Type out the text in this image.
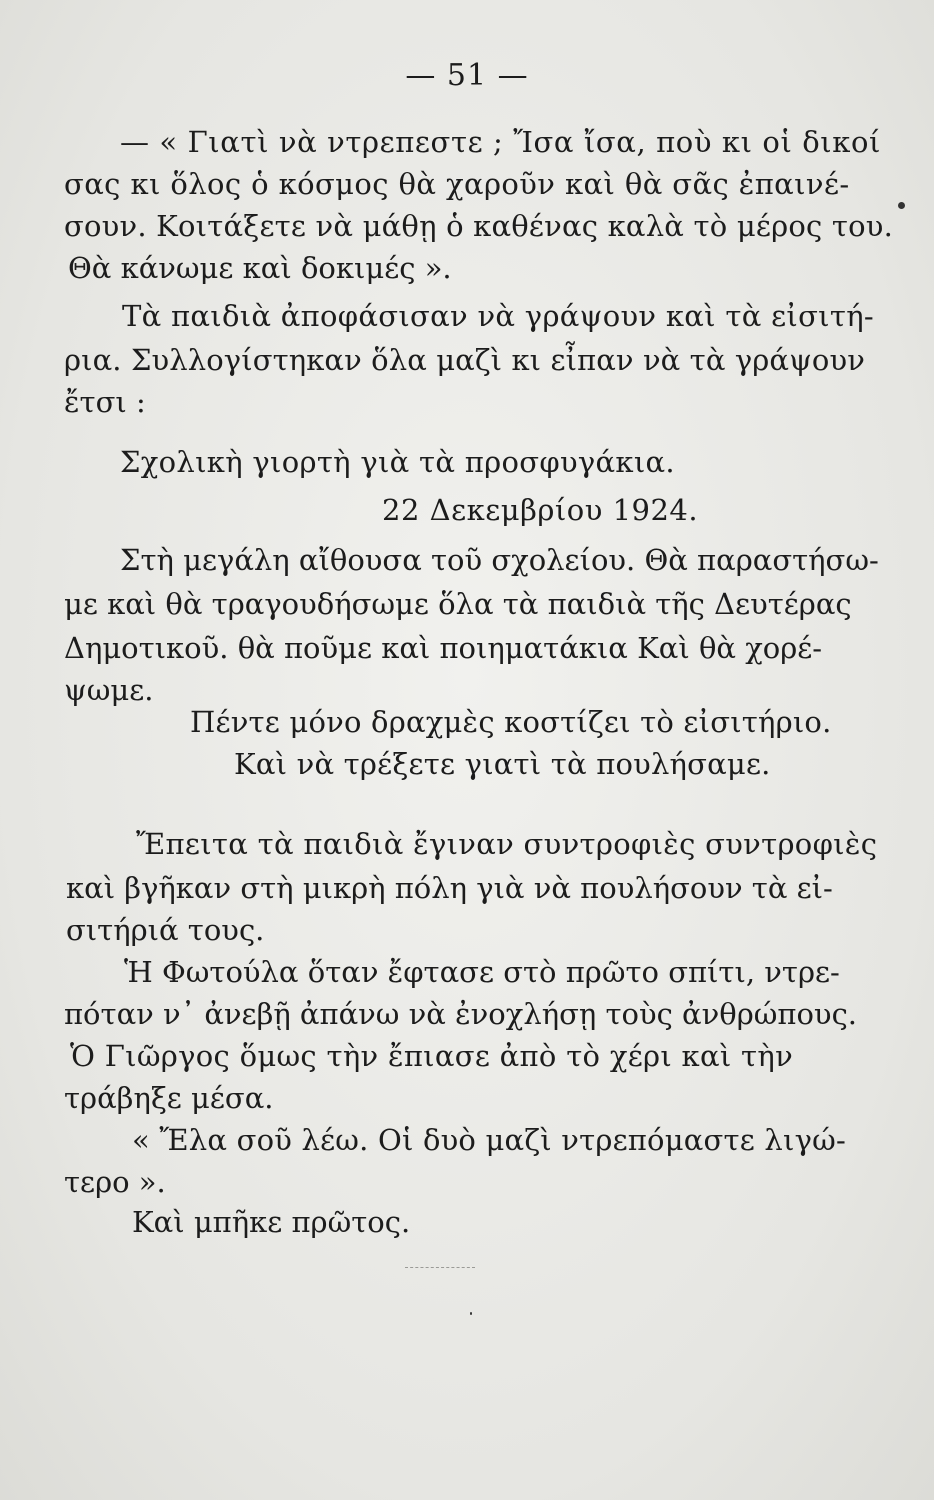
— 51 —
— « Γιατὶ νὰ ντρεπεστε ; Ἴσα ἴσα, ποὺ κι οἱ δικοί
σας κι ὅλος ὁ κόσμος θὰ χαροῦν καὶ θὰ σᾶς ἐπαινέ-
σουν. Κοιτάξετε νὰ μάθῃ ὁ καθένας καλὰ τὸ μέρος του.
Θὰ κάνωμε καὶ δοκιμές ».
Τὰ παιδιὰ ἀποφάσισαν νὰ γράψουν καὶ τὰ εἰσιτή-
ρια. Συλλογίστηκαν ὅλα μαζὶ κι εἶπαν νὰ τὰ γράψουν
ἔτσι :
Σχολικὴ γιορτὴ γιὰ τὰ προσφυγάκια.
22 Δεκεμβρίου 1924.
Στὴ μεγάλη αἴθουσα τοῦ σχολείου. Θὰ παραστήσω-
με καὶ θὰ τραγουδήσωμε ὅλα τὰ παιδιὰ τῆς Δευτέρας
Δημοτικοῦ. θὰ ποῦμε καὶ ποιηματάκια Καὶ θὰ χορέ-
ψωμε.
Πέντε μόνο δραχμὲς κοστίζει τὸ εἰσιτήριο.
Καὶ νὰ τρέξετε γιατὶ τὰ πουλήσαμε.
Ἔπειτα τὰ παιδιὰ ἔγιναν συντροφιὲς συντροφιὲς
καὶ βγῆκαν στὴ μικρὴ πόλη γιὰ νὰ πουλήσουν τὰ εἰ-
σιτήριά τους.
Ἡ Φωτούλα ὅταν ἔφτασε στὸ πρῶτο σπίτι, ντρε-
πόταν ν᾽ ἀνεβῇ ἀπάνω νὰ ἐνοχλήσῃ τοὺς ἀνθρώπους.
Ὁ Γιῶργος ὅμως τὴν ἔπιασε ἀπὸ τὸ χέρι καὶ τὴν
τράβηξε μέσα.
« Ἔλα σοῦ λέω. Οἱ δυὸ μαζὶ ντρεπόμαστε λιγώ-
τερο ».
Καὶ μπῆκε πρῶτος.
